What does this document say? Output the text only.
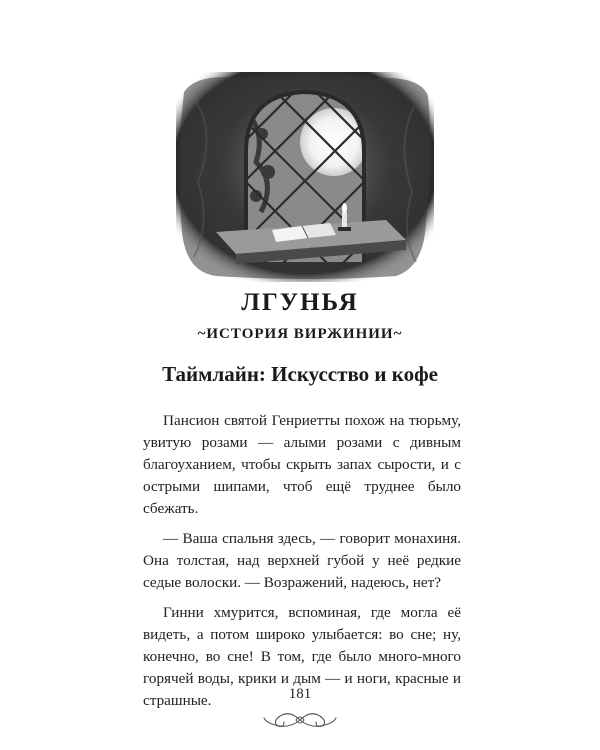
ЛГУНЬЯ
~ИСТОРИЯ ВИРЖИНИИ~
Таймлайн: Искусство и кофе

Пансион святой Генриетты похож на тюрьму, увитую розами — алыми розами с дивным благоуханием, чтобы скрыть запах сырости, и с острыми шипами, чтоб ещё труднее было сбежать.

— Ваша спальня здесь, — говорит монахиня. Она толстая, над верхней губой у неё редкие седые волоски. — Возражений, надеюсь, нет?

Гинни хмурится, вспоминая, где могла её видеть, а потом широко улыбается: во сне; ну, конечно, во сне! В том, где было много-много горячей воды, крики и дым — и ноги, красные и страшные.	181
